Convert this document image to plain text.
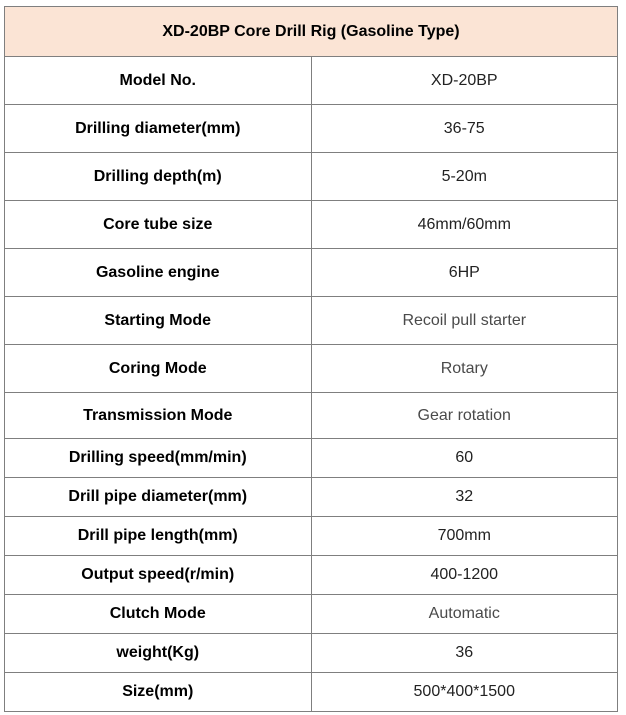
XD-20BP Core Drill Rig (Gasoline Type)	
Model No.	XD-20BP
Drilling diameter(mm)	36-75
Drilling depth(m)	5-20m
Core tube size	46mm/60mm
Gasoline engine	6HP
Starting Mode	Recoil pull starter
Coring Mode	Rotary
Transmission Mode	Gear rotation
Drilling speed(mm/min)	60
Drill pipe diameter(mm)	32
Drill pipe length(mm)	700mm
Output speed(r/min)	400-1200
Clutch Mode	Automatic
weight(Kg)	36
Size(mm)	500*400*1500
